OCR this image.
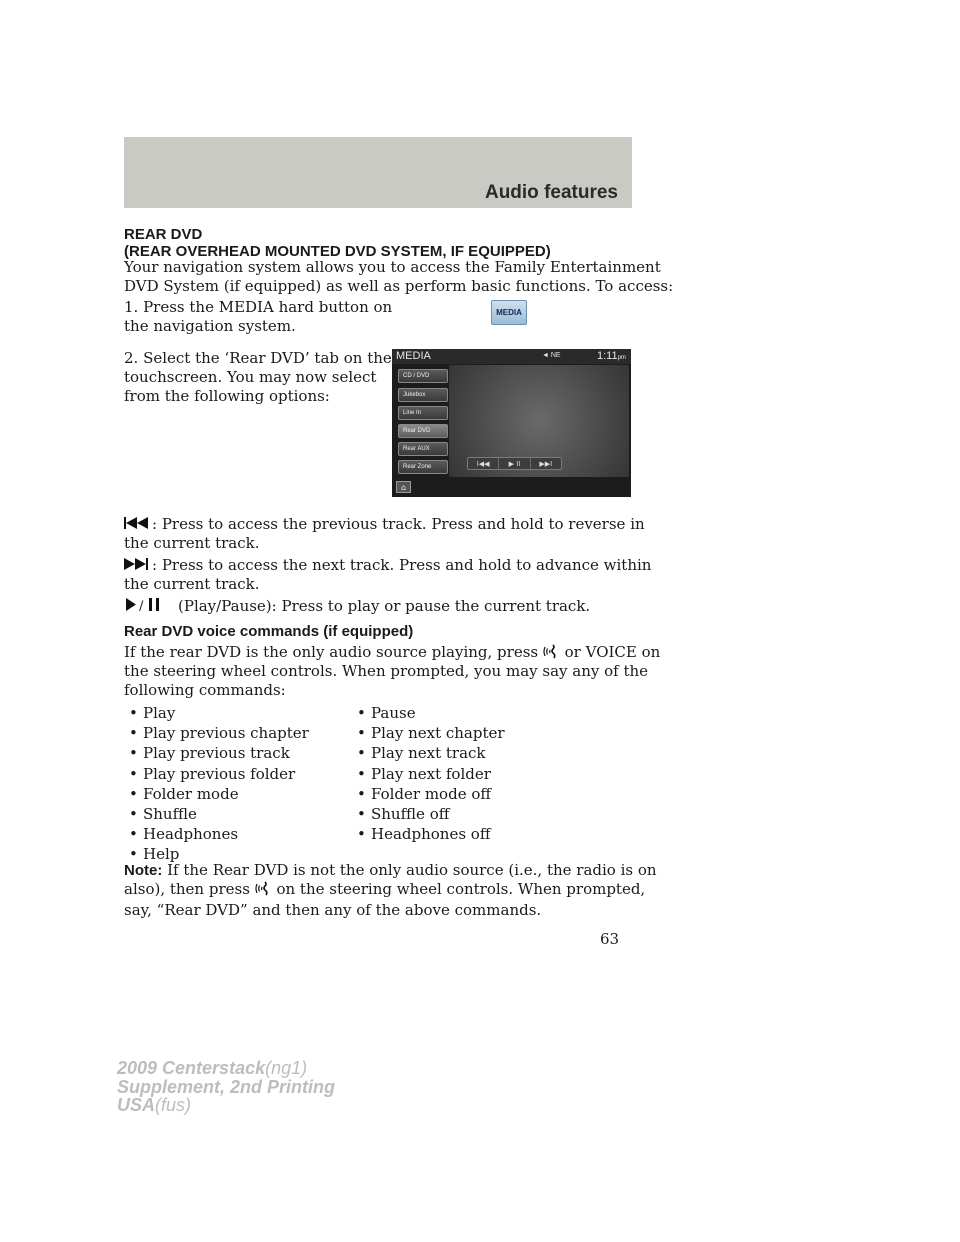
Audio features
REAR DVD
(REAR OVERHEAD MOUNTED DVD SYSTEM, IF EQUIPPED)
Your navigation system allows you to access the Family Entertainment
DVD System (if equipped) as well as perform basic functions. To access:
1. Press the MEDIA hard button on
the navigation system.
MEDIA
2. Select the ‘Rear DVD’ tab on the
touchscreen. You may now select
from the following options:
MEDIA	◄ NE	1:11pm
CD / DVD
Jukebox
Line In
Rear DVD
Rear AUX
Rear Zone	I◀◀	▶ II	▶▶I
⌂
: Press to access the previous track. Press and hold to reverse in
the current track.
: Press to access the next track. Press and hold to advance within
the current track.
/ (Play/Pause): Press to play or pause the current track.
Rear DVD voice commands (if equipped)
If the rear DVD is the only audio source playing, press or VOICE on
the steering wheel controls. When prompted, you may say any of the
following commands:
• Play	• Pause
• Play previous chapter	• Play next chapter
• Play previous track	• Play next track
• Play previous folder	• Play next folder
• Folder mode	• Folder mode off
• Shuffle	• Shuffle off
• Headphones	• Headphones off
• Help
Note: If the Rear DVD is not the only audio source (i.e., the radio is on
also), then press on the steering wheel controls. When prompted,
say, “Rear DVD” and then any of the above commands.
63
2009 Centerstack(ng1)
Supplement, 2nd Printing
USA(fus)
